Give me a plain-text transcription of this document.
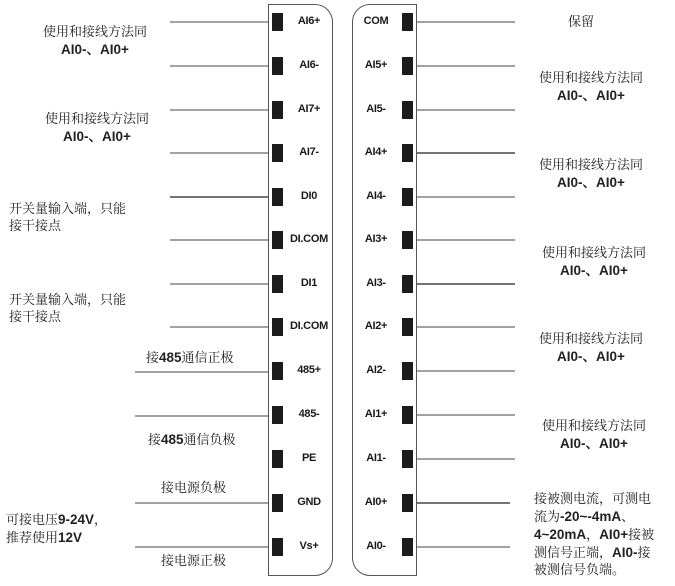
AI6+
AI6-
AI7+
AI7-
DI0
DI.COM
DI1
DI.COM
485+
485-
PE
GND
Vs+
COM
AI5+
AI5-
AI4+
AI4-
AI3+
AI3-
AI2+
AI2-
AI1+
AI1-
AI0+
AI0-
使用和接线方法同
AI0-、AI0+
使用和接线方法同
AI0-、AI0+
开关量输入端，只能
接干接点
开关量输入端，只能
接干接点
接485通信正极
接485通信负极
接电源负极
接电源正极
可接电压9-24V，
推荐使用12V
保留
使用和接线方法同
AI0-、AI0+
使用和接线方法同
AI0-、AI0+
使用和接线方法同
AI0-、AI0+
使用和接线方法同
AI0-、AI0+
使用和接线方法同
AI0-、AI0+
接被测电流，可测电
流为-20~-4mA、
4~20mA，AI0+接被
测信号正端，AI0-接
被测信号负端。
